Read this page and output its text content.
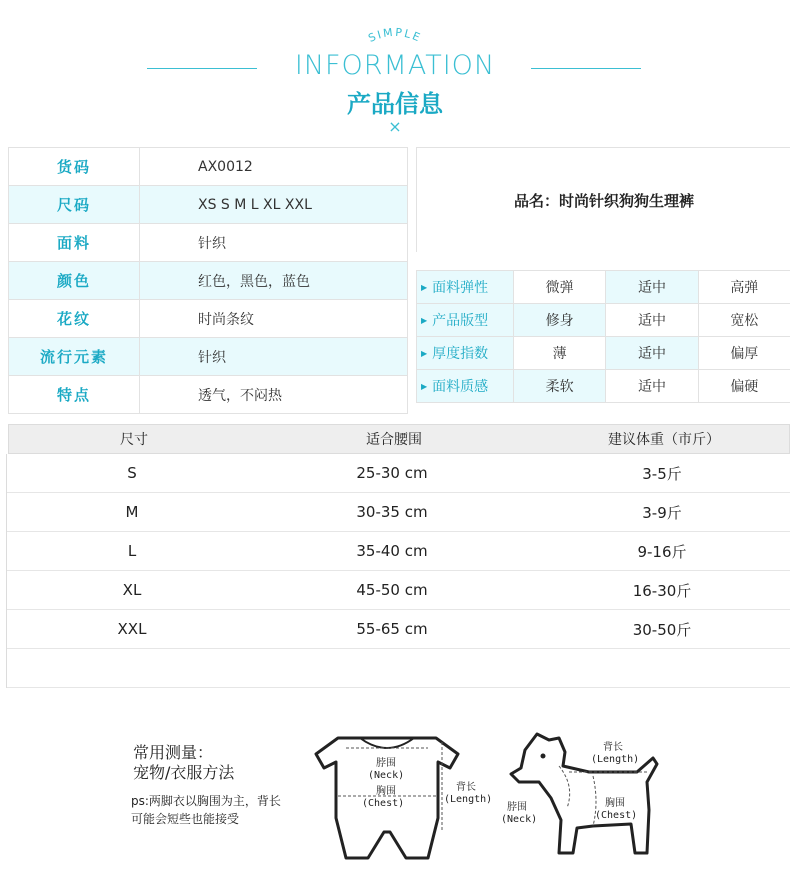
SIMPLE
INFORMATION
产品信息
×
货码	AX0012
尺码	XS S M L XL XXL
面料	针织
颜色	红色，黑色，蓝色
花纹	时尚条纹
流行元素	针织
特点	透气，不闷热
品名：时尚针织狗狗生理裤
▶ 面料弹性	微弹	适中	高弹
▶ 产品版型	修身	适中	宽松
▶ 厚度指数	薄	适中	偏厚
▶ 面料质感	柔软	适中	偏硬
尺寸	适合腰围	建议体重（市斤）
S	25-30 cm	3-5斤
M	30-35 cm	3-9斤
L	35-40 cm	9-16斤
XL	45-50 cm	16-30斤
XXL	55-65 cm	30-50斤
常用测量：
宠物/衣服方法
ps:两脚衣以胸围为主，背长
可能会短些也能接受
脖围
(Neck)
胸围
(Chest)
背长
(Length)
背长
(Length)
脖围
(Neck)
胸围
(Chest)
